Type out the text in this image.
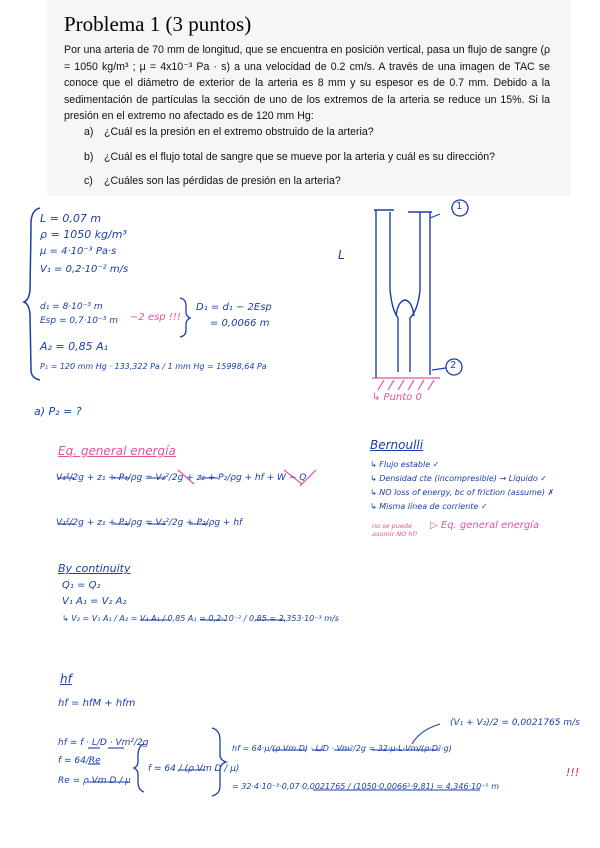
Problema 1 (3 puntos)
Por una arteria de 70 mm de longitud, que se encuentra en posición vertical, pasa un flujo de sangre (ρ = 1050 kg/m³ ; μ = 4x10⁻³ Pa · s) a una velocidad de 0.2 cm/s. A través de una imagen de TAC se conoce que el diámetro de exterior de la arteria es 8 mm y su espesor es de 0.7 mm. Debido a la sedimentación de partículas la sección de uno de los extremos de la arteria se reduce un 15%. Si la presión en el extremo no afectado es de 120 mm Hg:
a) ¿Cuál es la presión en el extremo obstruido de la arteria?
b) ¿Cuál es el flujo total de sangre que se mueve por la arteria y cuál es su dirección?
c) ¿Cuáles son las pérdidas de presión en la arteria?
L = 0,07 m
ρ = 1050 kg/m³
μ = 4·10⁻³ Pa·s
V₁ = 0,2·10⁻² m/s
d₁ = 8·10⁻³ m
Esp = 0,7·10⁻³ m −2 esp !!!
D₁ = d₁ − 2Esp
= 0,0066 m
A₂ = 0,85 A₁
P₁ = 120 mm Hg · 133,322 Pa / 1 mm Hg = 15998,64 Pa
1
2
L
↳ Punto 0
a) P₂ = ?
Eq. general energía
V₁²/2g + z₁ + P₁/ρg = V₂²/2g + z₂ + P₂/ρg + hf + W − Q
V₁²/2g + z₁ + P₁/ρg = V₂²/2g + P₂/ρg + hf
Bernoulli
↳ Flujo estable ✓
↳ Densidad cte (incompresible) → Líquido ✓
↳ NO loss of energy, bc of friction (assume) ✗
↳ Misma línea de corriente ✓
no se puede asumir NO hf!
▷ Eq. general energía
By continuity
Q₁ = Q₂
V₁ A₁ = V₂ A₂
↳ V₂ = V₁ A₁ / A₂ = V₁ A₁ / 0,85 A₁ = 0,2·10⁻² / 0,85 = 2,353·10⁻³ m/s
hf
hf = hfM + hfm
hf = f · L/D · Vm²/2g
f = 64/Re
Re = ρ Vm D / μ
f = 64 / (ρ Vm D / μ)
(V₁ + V₂)/2 = 0,0021765 m/s
hf = 64·μ/(ρ Vm D) · L/D · Vm²/2g = 32·μ·L·Vm/(ρ·D²·g)
= 32·4·10⁻³·0,07·0,0021765 / (1050·0,0066²·9,81) = 4,346·10⁻⁵ m
!!!
